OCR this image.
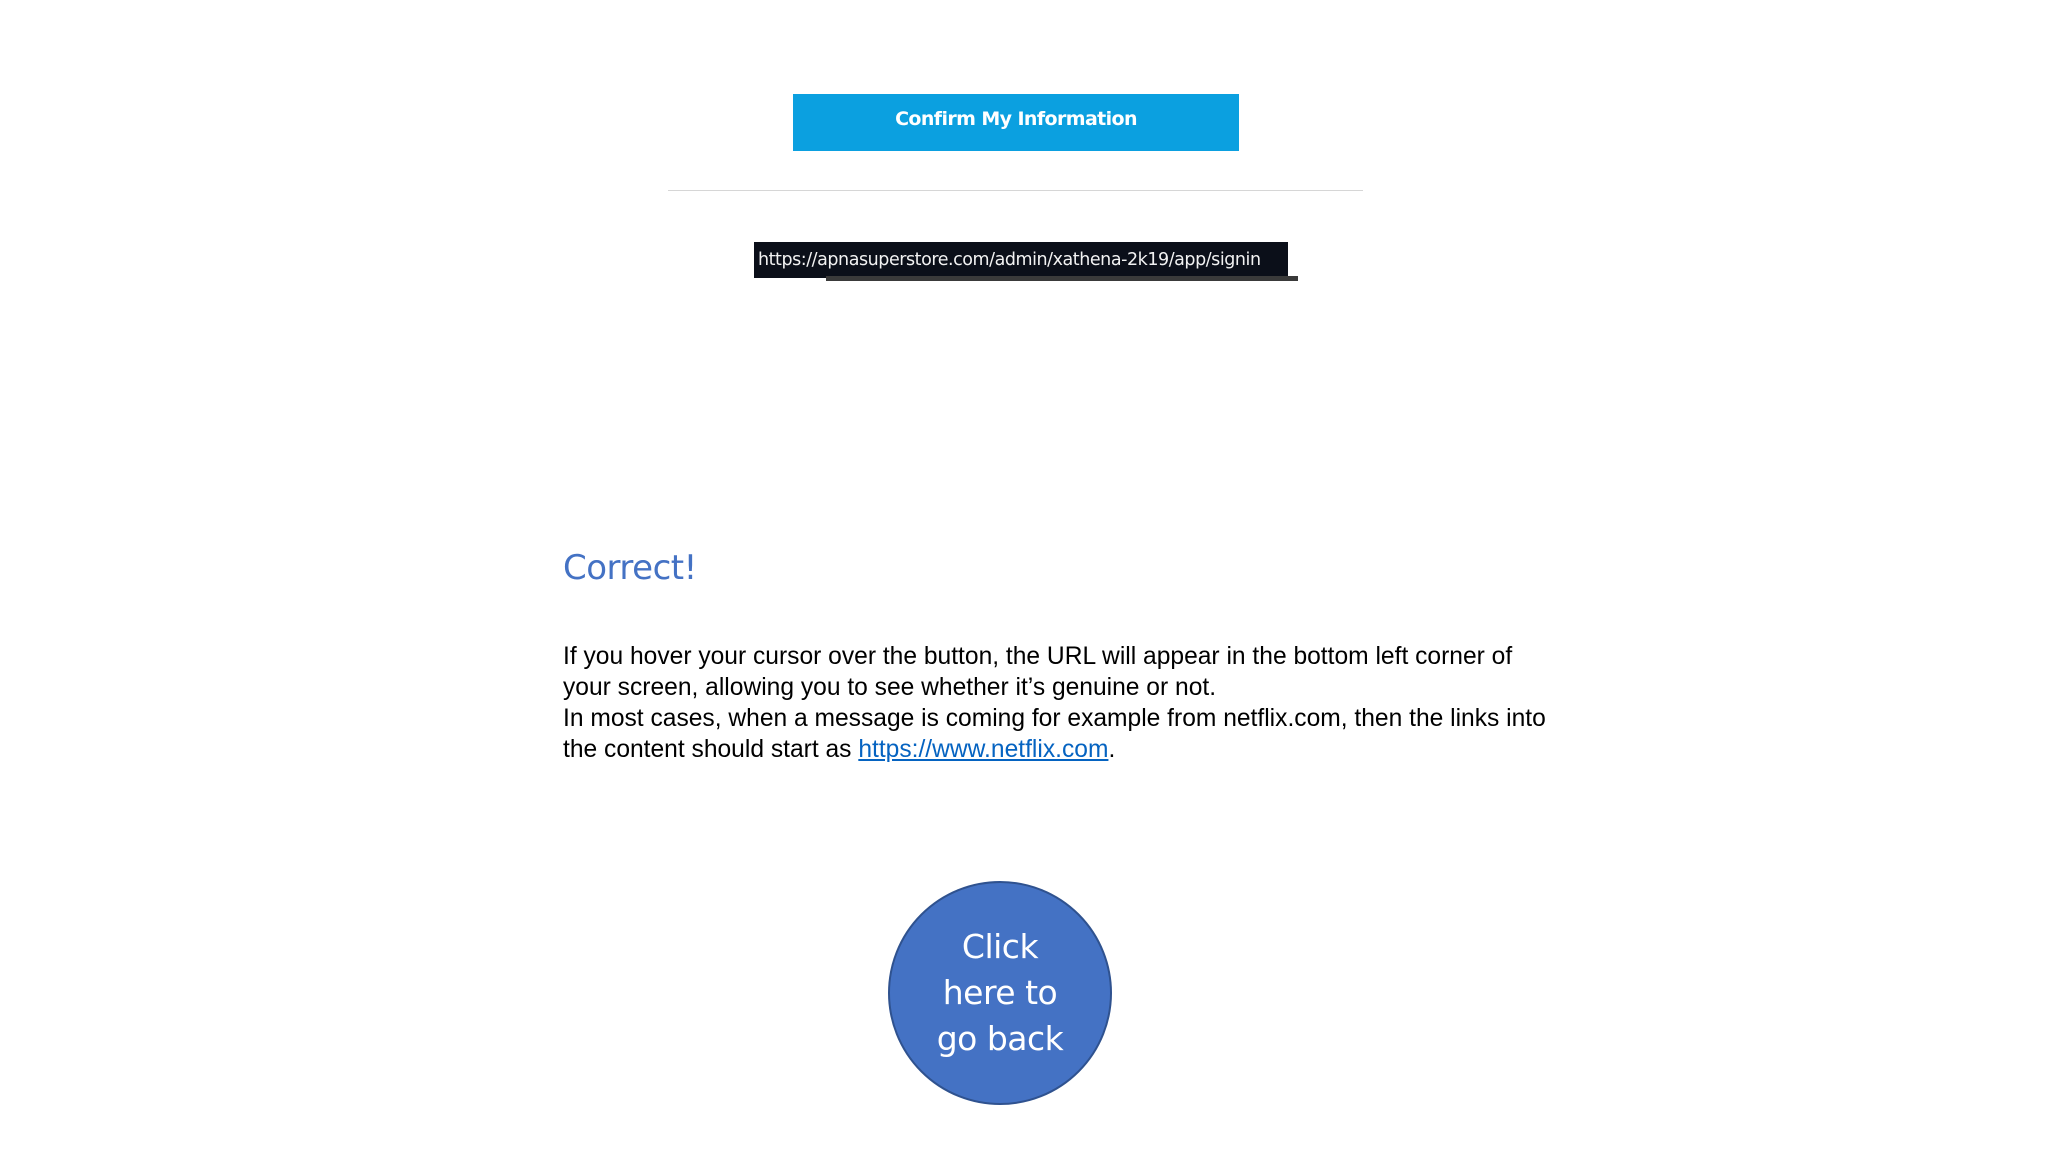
Confirm My Information
https://apnasuperstore.com/admin/xathena-2k19/app/signin
Correct!

If you hover your cursor over the button, the URL will appear in the bottom left corner of your screen, allowing you to see whether it’s genuine or not.

In most cases, when a message is coming for example from netflix.com, then the links into the content should start as https://www.netflix.com.

Click here to go back
